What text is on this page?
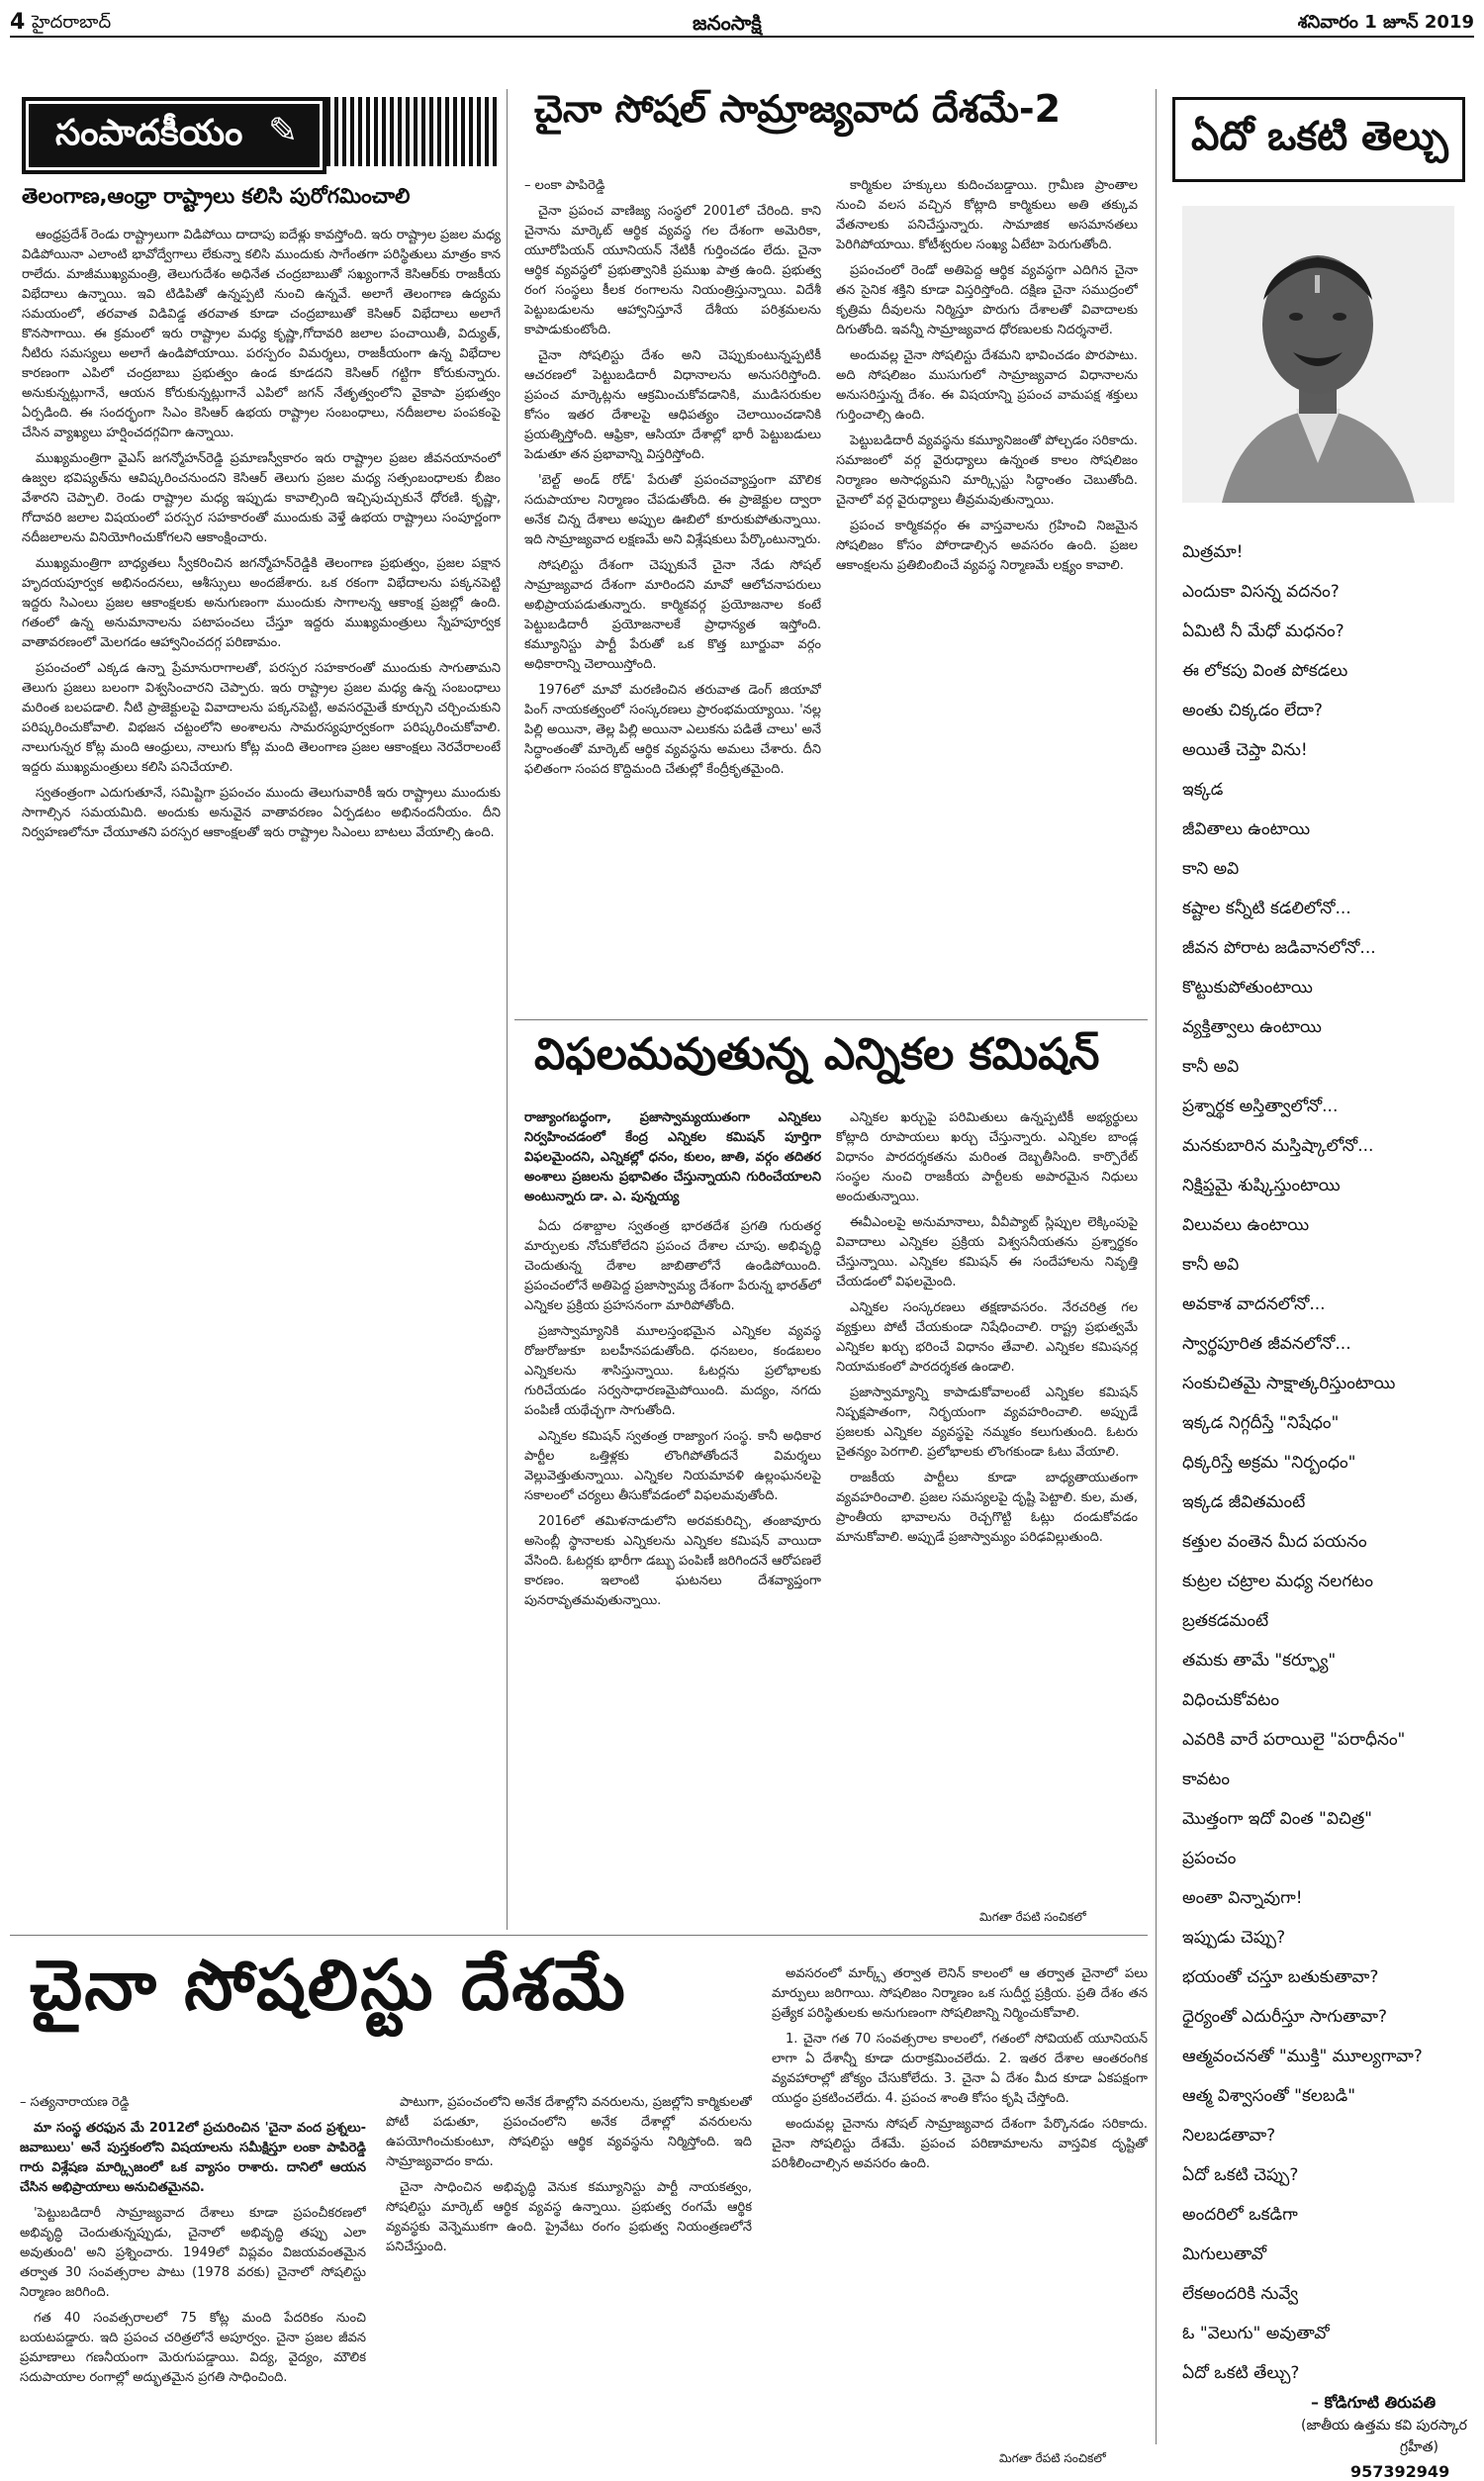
4 హైదరాబాద్	జనంసాక్షి	శనివారం 1 జూన్ 2019
సంపాదకీయం ✎
తెలంగాణ,ఆంధ్రా రాష్ట్రాలు కలిసి పురోగమించాలి

ఆంధ్రప్రదేశ్ రెండు రాష్ట్రాలుగా విడిపోయి దాదాపు ఐదేళ్లు కావస్తోంది. ఇరు రాష్ట్రాల ప్రజల మధ్య విడిపోయినా ఎలాంటి భావోద్వేగాలు లేకున్నా కలిసి ముందుకు సాగేంతగా పరిస్థితులు మాత్రం కాన రాలేదు. మాజీముఖ్యమంత్రి, తెలుగుదేశం అధినేత చంద్రబాబుతో సఖ్యంగానే కెసిఆర్‌కు రాజకీయ విభేదాలు ఉన్నాయి. ఇవి టిడిపితో ఉన్నప్పటి నుంచి ఉన్నవే. అలాగే తెలంగాణ ఉద్యమ సమయంలో, తరవాత విడివిడ్డ తరవాత కూడా చంద్రబాబుతో కెసిఆర్ విభేదాలు అలాగే కొనసాగాయి. ఈ క్రమంలో ఇరు రాష్ట్రాల మధ్య కృష్ణా,గోదావరి జలాల పంచాయితీ, విద్యుత్, నీటిరు సమస్యలు అలాగే ఉండిపోయాయి. పరస్పరం విమర్శలు, రాజకీయంగా ఉన్న విభేదాల కారణంగా ఎపిలో చంద్రబాబు ప్రభుత్వం ఉండ కూడదని కెసిఆర్ గట్టిగా కోరుకున్నారు. అనుకున్నట్లుగానే, ఆయన కోరుకున్నట్లుగానే ఎపిలో జగన్ నేతృత్వంలోని వైకాపా ప్రభుత్వం ఏర్పడింది. ఈ సందర్భంగా సిఎం కెసిఆర్ ఉభయ రాష్ట్రాల సంబంధాలు, నదీజలాల పంపకంపై చేసిన వ్యాఖ్యలు హర్షించదగ్గవిగా ఉన్నాయి.

ముఖ్యమంత్రిగా వైఎస్ జగన్మోహన్‌రెడ్డి ప్రమాణస్వీకారం ఇరు రాష్ట్రాల ప్రజల జీవనయానంలో ఉజ్వల భవిష్యత్‌ను ఆవిష్కరించనుందని కెసిఆర్ తెలుగు ప్రజల మధ్య సత్సంబంధాలకు బీజం వేశారని చెప్పాలి. రెండు రాష్ట్రాల మధ్య ఇప్పుడు కావాల్సింది ఇచ్చిపుచ్చుకునే ధోరణి. కృష్ణా, గోదావరి జలాల విషయంలో పరస్పర సహకారంతో ముందుకు వెళ్తే ఉభయ రాష్ట్రాలు సంపూర్ణంగా నదీజలాలను వినియోగించుకోగలని ఆకాంక్షించారు.

ముఖ్యమంత్రిగా బాధ్యతలు స్వీకరించిన జగన్మోహన్‌రెడ్డికి తెలంగాణ ప్రభుత్వం, ప్రజల పక్షాన హృదయపూర్వక అభినందనలు, ఆశీస్సులు అందజేశారు. ఒక రకంగా విభేదాలను పక్కనపెట్టి ఇద్దరు సిఎంలు ప్రజల ఆకాంక్షలకు అనుగుణంగా ముందుకు సాగాలన్న ఆకాంక్ష ప్రజల్లో ఉంది. గతంలో ఉన్న అనుమానాలను పటాపంచలు చేస్తూ ఇద్దరు ముఖ్యమంత్రులు స్నేహపూర్వక వాతావరణంలో మెలగడం ఆహ్వానించదగ్గ పరిణామం.

ప్రపంచంలో ఎక్కడ ఉన్నా ప్రేమానురాగాలతో, పరస్పర సహకారంతో ముందుకు సాగుతామని తెలుగు ప్రజలు బలంగా విశ్వసించారని చెప్పారు. ఇరు రాష్ట్రాల ప్రజల మధ్య ఉన్న సంబంధాలు మరింత బలపడాలి. నీటి ప్రాజెక్టులపై వివాదాలను పక్కనపెట్టి, అవసరమైతే కూర్చుని చర్చించుకుని పరిష్కరించుకోవాలి. విభజన చట్టంలోని అంశాలను సామరస్యపూర్వకంగా పరిష్కరించుకోవాలి. నాలుగున్నర కోట్ల మంది ఆంధ్రులు, నాలుగు కోట్ల మంది తెలంగాణ ప్రజల ఆకాంక్షలు నెరవేరాలంటే ఇద్దరు ముఖ్యమంత్రులు కలిసి పనిచేయాలి.

స్వతంత్రంగా ఎదుగుతూనే, సమిష్టిగా ప్రపంచం ముందు తెలుగువారికీ ఇరు రాష్ట్రాలు ముందుకు సాగాల్సిన సమయమిది. అందుకు అనువైన వాతావరణం ఏర్పడటం అభినందనీయం. దీని నిర్వహణలోనూ చేయూతని పరస్పర ఆకాంక్షలతో ఇరు రాష్ట్రాల సిఎంలు బాటలు వేయాల్సి ఉంది.

చైనా సోషల్ సామ్రాజ్యవాద దేశమే-2

– లంకా పాపిరెడ్డి

చైనా ప్రపంచ వాణిజ్య సంస్థలో 2001లో చేరింది. కాని చైనాను మార్కెట్ ఆర్థిక వ్యవస్థ గల దేశంగా అమెరికా, యూరోపియన్ యూనియన్ నేటికీ గుర్తించడం లేదు. చైనా ఆర్థిక వ్యవస్థలో ప్రభుత్వానికి ప్రముఖ పాత్ర ఉంది. ప్రభుత్వ రంగ సంస్థలు కీలక రంగాలను నియంత్రిస్తున్నాయి. విదేశీ పెట్టుబడులను ఆహ్వానిస్తూనే దేశీయ పరిశ్రమలను కాపాడుకుంటోంది.

చైనా సోషలిస్టు దేశం అని చెప్పుకుంటున్నప్పటికీ ఆచరణలో పెట్టుబడిదారీ విధానాలను అనుసరిస్తోంది. ప్రపంచ మార్కెట్లను ఆక్రమించుకోవడానికి, ముడిసరుకుల కోసం ఇతర దేశాలపై ఆధిపత్యం చెలాయించడానికి ప్రయత్నిస్తోంది. ఆఫ్రికా, ఆసియా దేశాల్లో భారీ పెట్టుబడులు పెడుతూ తన ప్రభావాన్ని విస్తరిస్తోంది.

'బెల్ట్ అండ్ రోడ్' పేరుతో ప్రపంచవ్యాప్తంగా మౌలిక సదుపాయాల నిర్మాణం చేపడుతోంది. ఈ ప్రాజెక్టుల ద్వారా అనేక చిన్న దేశాలు అప్పుల ఊబిలో కూరుకుపోతున్నాయి. ఇది సామ్రాజ్యవాద లక్షణమే అని విశ్లేషకులు పేర్కొంటున్నారు.

సోషలిస్టు దేశంగా చెప్పుకునే చైనా నేడు సోషల్ సామ్రాజ్యవాద దేశంగా మారిందని మావో ఆలోచనాపరులు అభిప్రాయపడుతున్నారు. కార్మికవర్గ ప్రయోజనాల కంటే పెట్టుబడిదారీ ప్రయోజనాలకే ప్రాధాన్యత ఇస్తోంది. కమ్యూనిస్టు పార్టీ పేరుతో ఒక కొత్త బూర్జువా వర్గం అధికారాన్ని చెలాయిస్తోంది.

1976లో మావో మరణించిన తరువాత డెంగ్ జియావో పింగ్ నాయకత్వంలో సంస్కరణలు ప్రారంభమయ్యాయి. 'నల్ల పిల్లి అయినా, తెల్ల పిల్లి అయినా ఎలుకను పడితే చాలు' అనే సిద్ధాంతంతో మార్కెట్ ఆర్థిక వ్యవస్థను అమలు చేశారు. దీని ఫలితంగా సంపద కొద్దిమంది చేతుల్లో కేంద్రీకృతమైంది.

కార్మికుల హక్కులు కుదించబడ్డాయి. గ్రామీణ ప్రాంతాల నుంచి వలస వచ్చిన కోట్లాది కార్మికులు అతి తక్కువ వేతనాలకు పనిచేస్తున్నారు. సామాజిక అసమానతలు పెరిగిపోయాయి. కోటీశ్వరుల సంఖ్య ఏటేటా పెరుగుతోంది.

ప్రపంచంలో రెండో అతిపెద్ద ఆర్థిక వ్యవస్థగా ఎదిగిన చైనా తన సైనిక శక్తిని కూడా విస్తరిస్తోంది. దక్షిణ చైనా సముద్రంలో కృత్రిమ దీవులను నిర్మిస్తూ పొరుగు దేశాలతో వివాదాలకు దిగుతోంది. ఇవన్నీ సామ్రాజ్యవాద ధోరణులకు నిదర్శనాలే.

అందువల్ల చైనా సోషలిస్టు దేశమని భావించడం పొరపాటు. అది సోషలిజం ముసుగులో సామ్రాజ్యవాద విధానాలను అనుసరిస్తున్న దేశం. ఈ విషయాన్ని ప్రపంచ వామపక్ష శక్తులు గుర్తించాల్సి ఉంది.

పెట్టుబడిదారీ వ్యవస్థను కమ్యూనిజంతో పోల్చడం సరికాదు. సమాజంలో వర్గ వైరుధ్యాలు ఉన్నంత కాలం సోషలిజం నిర్మాణం అసాధ్యమని మార్క్సిస్టు సిద్ధాంతం చెబుతోంది. చైనాలో వర్గ వైరుధ్యాలు తీవ్రమవుతున్నాయి.

ప్రపంచ కార్మికవర్గం ఈ వాస్తవాలను గ్రహించి నిజమైన సోషలిజం కోసం పోరాడాల్సిన అవసరం ఉంది. ప్రజల ఆకాంక్షలను ప్రతిబింబించే వ్యవస్థ నిర్మాణమే లక్ష్యం కావాలి.

విఫలమవుతున్న ఎన్నికల కమిషన్
రాజ్యాంగబద్ధంగా, ప్రజాస్వామ్యయుతంగా ఎన్నికలు నిర్వహించడంలో కేంద్ర ఎన్నికల కమిషన్ పూర్తిగా విఫలమైందని, ఎన్నికల్లో ధనం, కులం, జాతి, వర్గం తదితర అంశాలు ప్రజలను ప్రభావితం చేస్తున్నాయని గురించేయాలని అంటున్నారు డా. ఎ. పున్నయ్య

ఏదు దశాబ్దాల స్వతంత్ర భారతదేశ ప్రగతి గురుతర్ధ మార్పులకు నోచుకోలేదని ప్రపంచ దేశాల చూపు. అభివృద్ధి చెందుతున్న దేశాల జాబితాలోనే ఉండిపోయింది. ప్రపంచంలోనే అతిపెద్ద ప్రజాస్వామ్య దేశంగా పేరున్న భారత్‌లో ఎన్నికల ప్రక్రియ ప్రహసనంగా మారిపోతోంది.

ప్రజాస్వామ్యానికి మూలస్తంభమైన ఎన్నికల వ్యవస్థ రోజురోజుకూ బలహీనపడుతోంది. ధనబలం, కండబలం ఎన్నికలను శాసిస్తున్నాయి. ఓటర్లను ప్రలోభాలకు గురిచేయడం సర్వసాధారణమైపోయింది. మద్యం, నగదు పంపిణీ యథేచ్ఛగా సాగుతోంది.

ఎన్నికల కమిషన్ స్వతంత్ర రాజ్యాంగ సంస్థ. కానీ అధికార పార్టీల ఒత్తిళ్లకు లొంగిపోతోందనే విమర్శలు వెల్లువెత్తుతున్నాయి. ఎన్నికల నియమావళి ఉల్లంఘనలపై సకాలంలో చర్యలు తీసుకోవడంలో విఫలమవుతోంది.

2016లో తమిళనాడులోని అరవకురిచ్చి, తంజావూరు అసెంబ్లీ స్థానాలకు ఎన్నికలను ఎన్నికల కమిషన్ వాయిదా వేసింది. ఓటర్లకు భారీగా డబ్బు పంపిణీ జరిగిందనే ఆరోపణలే కారణం. ఇలాంటి ఘటనలు దేశవ్యాప్తంగా పునరావృతమవుతున్నాయి.

ఎన్నికల ఖర్చుపై పరిమితులు ఉన్నప్పటికీ అభ్యర్థులు కోట్లాది రూపాయలు ఖర్చు చేస్తున్నారు. ఎన్నికల బాండ్ల విధానం పారదర్శకతను మరింత దెబ్బతీసింది. కార్పొరేట్ సంస్థల నుంచి రాజకీయ పార్టీలకు అపారమైన నిధులు అందుతున్నాయి.

ఈవీఎంలపై అనుమానాలు, వీవీప్యాట్ స్లిప్పుల లెక్కింపుపై వివాదాలు ఎన్నికల ప్రక్రియ విశ్వసనీయతను ప్రశ్నార్థకం చేస్తున్నాయి. ఎన్నికల కమిషన్ ఈ సందేహాలను నివృత్తి చేయడంలో విఫలమైంది.

ఎన్నికల సంస్కరణలు తక్షణావసరం. నేరచరిత్ర గల వ్యక్తులు పోటీ చేయకుండా నిషేధించాలి. రాష్ట్ర ప్రభుత్వమే ఎన్నికల ఖర్చు భరించే విధానం తేవాలి. ఎన్నికల కమిషనర్ల నియామకంలో పారదర్శకత ఉండాలి.

ప్రజాస్వామ్యాన్ని కాపాడుకోవాలంటే ఎన్నికల కమిషన్ నిష్పక్షపాతంగా, నిర్భయంగా వ్యవహరించాలి. అప్పుడే ప్రజలకు ఎన్నికల వ్యవస్థపై నమ్మకం కలుగుతుంది. ఓటరు చైతన్యం పెరగాలి. ప్రలోభాలకు లొంగకుండా ఓటు వేయాలి.

రాజకీయ పార్టీలు కూడా బాధ్యతాయుతంగా వ్యవహరించాలి. ప్రజల సమస్యలపై దృష్టి పెట్టాలి. కుల, మత, ప్రాంతీయ భావాలను రెచ్చగొట్టి ఓట్లు దండుకోవడం మానుకోవాలి. అప్పుడే ప్రజాస్వామ్యం పరిఢవిల్లుతుంది.

మిగతా రేపటి సంచికలో
ఏదో ఒకటి తెల్చు
మిత్రమా!
ఎందుకా విసన్న వదనం?
ఏమిటి నీ మేధో మధనం?
ఈ లోకపు వింత పోకడలు
అంతు చిక్కడం లేదా?
అయితే చెప్తా విను!
ఇక్కడ
జీవితాలు ఉంటాయి
కాని అవి
కష్టాల కన్నీటి కడలిలోనో...
జీవన పోరాట జడివానలోనో...
కొట్టుకుపోతుంటాయి
వ్యక్తిత్వాలు ఉంటాయి
కానీ అవి
ప్రశ్నార్థక అస్తిత్వాలోనో...
మనకుబారిన మస్తిష్కాలోనో...
నిక్షిప్తమై శుష్కిస్తుంటాయి
విలువలు ఉంటాయి
కానీ అవి
అవకాశ వాదనలోనో...
స్వార్థపూరిత జీవనలోనో...
సంకుచితమై సాక్షాత్కరిస్తుంటాయి
ఇక్కడ నిగ్గదీస్తే "నిషేధం"
ధిక్కరిస్తే అక్రమ "నిర్బంధం"
ఇక్కడ జీవితమంటే
కత్తుల వంతెన మీద పయనం
కుట్రల చట్రాల మధ్య నలగటం
బ్రతకడమంటే
తమకు తామే "కర్ఫ్యూ"
విధించుకోవటం
ఎవరికి వారే పరాయిలై "పరాధీనం"
కావటం
మొత్తంగా ఇదో వింత "విచిత్ర"
ప్రపంచం
అంతా విన్నావుగా!
ఇప్పుడు చెప్పు?
భయంతో చస్తూ బతుకుతావా?
ధైర్యంతో ఎదురీస్తూ సాగుతావా?
ఆత్మవంచనతో "ముక్తి" మూల్యగావా?
ఆత్మ విశ్వాసంతో "కలబడి"
నిలబడతావా?
ఏదో ఒకటి చెప్పు?
అందరిలో ఒకడిగా
మిగులుతావో
లేకఅందరికి నువ్వే
ఓ "వెలుగు" అవుతావో
ఏదో ఒకటి తేల్చు?
– కోడిగూటి తిరుపతి
(జాతీయ ఉత్తమ కవి పురస్కార
గ్రహీత)
957392949
చైనా సోషలిస్టు దేశమే

– సత్యనారాయణ రెడ్డి

మా సంస్థ తరఫున మే 2012లో ప్రచురించిన 'చైనా వంద ప్రశ్నలు-జవాబులు' అనే పుస్తకంలోని విషయాలను సమీక్షిస్తూ లంకా పాపిరెడ్డి గారు విశ్లేషణ మార్క్సిజంలో ఒక వ్యాసం రాశారు. దానిలో ఆయన చేసిన అభిప్రాయాలు అనుచితమైనవి.

'పెట్టుబడిదారీ సామ్రాజ్యవాద దేశాలు కూడా ప్రపంచీకరణలో అభివృద్ధి చెందుతున్నప్పుడు, చైనాలో అభివృద్ధి తప్పు ఎలా అవుతుంది' అని ప్రశ్నించారు. 1949లో విప్లవం విజయవంతమైన తర్వాత 30 సంవత్సరాల పాటు (1978 వరకు) చైనాలో సోషలిస్టు నిర్మాణం జరిగింది.

గత 40 సంవత్సరాలలో 75 కోట్ల మంది పేదరికం నుంచి బయటపడ్డారు. ఇది ప్రపంచ చరిత్రలోనే అపూర్వం. చైనా ప్రజల జీవన ప్రమాణాలు గణనీయంగా మెరుగుపడ్డాయి. విద్య, వైద్యం, మౌలిక సదుపాయాల రంగాల్లో అద్భుతమైన ప్రగతి సాధించింది.

పాటుగా, ప్రపంచంలోని అనేక దేశాల్లోని వనరులను, ప్రజల్లోని కార్మికులతో పోటీ పడుతూ, ప్రపంచంలోని అనేక దేశాల్లో వనరులను ఉపయోగించుకుంటూ, సోషలిస్టు ఆర్థిక వ్యవస్థను నిర్మిస్తోంది. ఇది సామ్రాజ్యవాదం కాదు.

చైనా సాధించిన అభివృద్ధి వెనుక కమ్యూనిస్టు పార్టీ నాయకత్వం, సోషలిస్టు మార్కెట్ ఆర్థిక వ్యవస్థ ఉన్నాయి. ప్రభుత్వ రంగమే ఆర్థిక వ్యవస్థకు వెన్నెముకగా ఉంది. ప్రైవేటు రంగం ప్రభుత్వ నియంత్రణలోనే పనిచేస్తుంది.

అవసరంలో మార్క్స్ తర్వాత లెనిన్ కాలంలో ఆ తర్వాత చైనాలో పలు మార్పులు జరిగాయి. సోషలిజం నిర్మాణం ఒక సుదీర్ఘ ప్రక్రియ. ప్రతి దేశం తన ప్రత్యేక పరిస్థితులకు అనుగుణంగా సోషలిజాన్ని నిర్మించుకోవాలి.

1. చైనా గత 70 సంవత్సరాల కాలంలో, గతంలో సోవియట్ యూనియన్ లాగా ఏ దేశాన్నీ కూడా దురాక్రమించలేదు. 2. ఇతర దేశాల ఆంతరంగిక వ్యవహారాల్లో జోక్యం చేసుకోలేదు. 3. చైనా ఏ దేశం మీద కూడా ఏకపక్షంగా యుద్ధం ప్రకటించలేదు. 4. ప్రపంచ శాంతి కోసం కృషి చేస్తోంది.

అందువల్ల చైనాను సోషల్ సామ్రాజ్యవాద దేశంగా పేర్కొనడం సరికాదు. చైనా సోషలిస్టు దేశమే. ప్రపంచ పరిణామాలను వాస్తవిక దృష్టితో పరిశీలించాల్సిన అవసరం ఉంది.

మిగతా రేపటి సంచికలో
